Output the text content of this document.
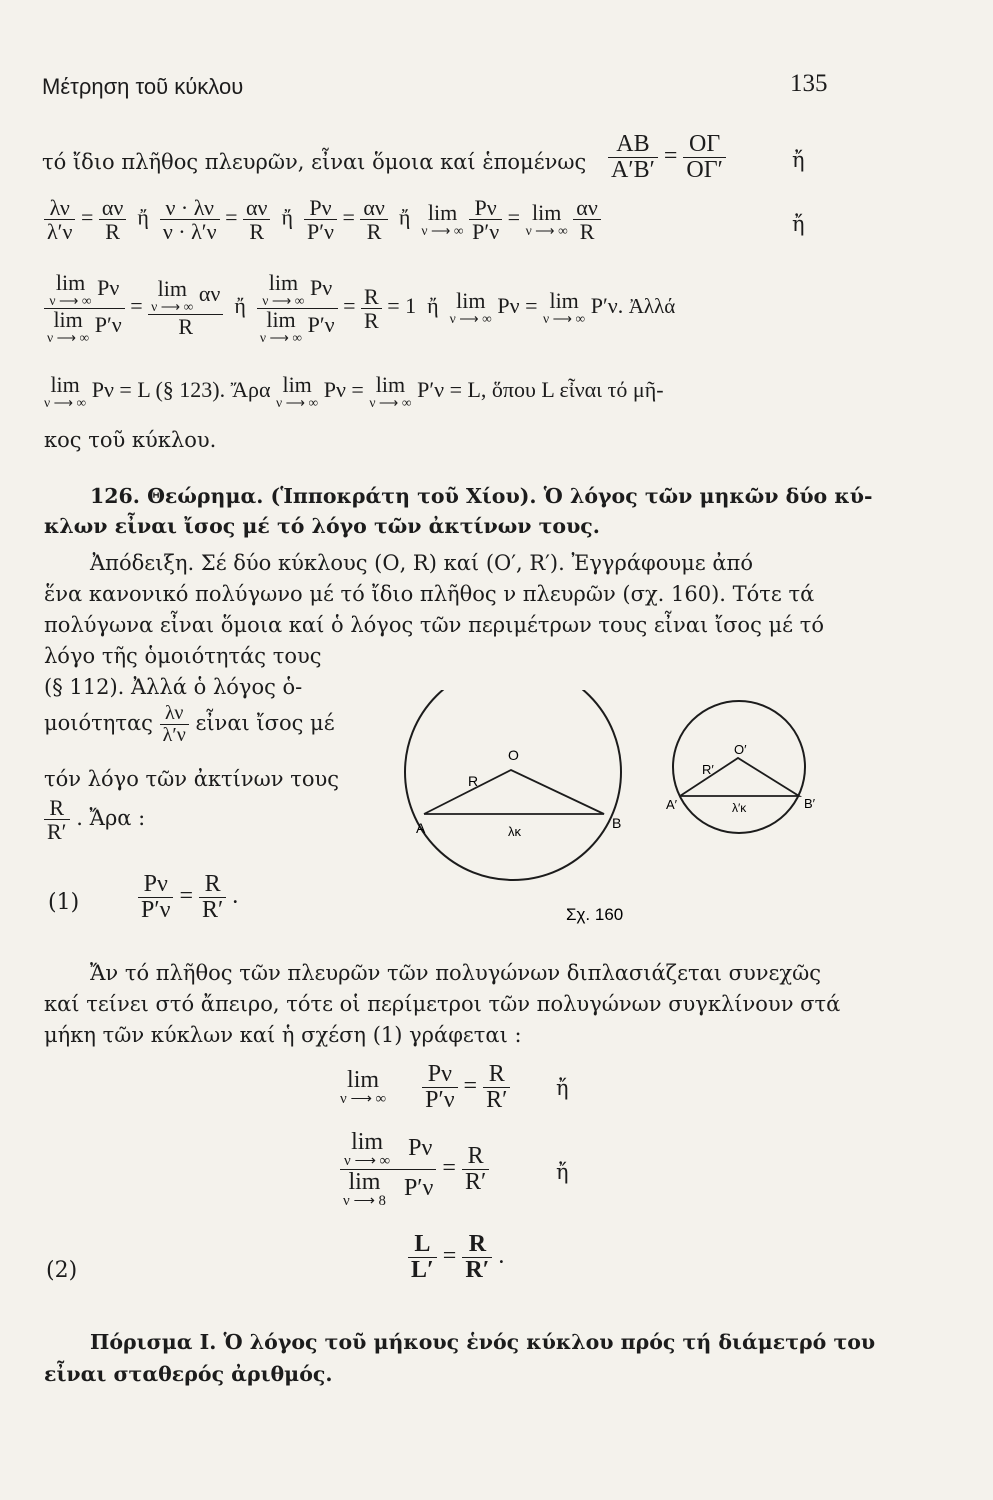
Μέτρηση τοῦ κύκλου	135
τό ἴδιο πλῆθος πλευρῶν, εἶναι ὅμοια καί ἑπομένως $\frac{AB}{A'B'} = \frac{O\Gamma}{O\Gamma'}$	ἤ
$\frac{\lambda\nu}{\lambda'\nu} = \frac{\alpha\nu}{R}$ ἤ $\frac{\nu \cdot \lambda\nu}{\nu \cdot \lambda'\nu} = \frac{\alpha\nu}{R}$ ἤ $\frac{P\nu}{P'\nu} = \frac{\alpha\nu}{R}$ ἤ lim
ν ⟶ ∞
$\frac{P\nu}{P'\nu} = \lim$
ν ⟶ ∞
$\frac{\alpha\nu}{R}$	ἤ
lim
ν ⟶ ∞
Pν
lim
ν ⟶ ∞
P′ν = lim
ν ⟶ ∞
αν
R ἤ lim
ν ⟶ ∞
Pν
lim
ν ⟶ ∞
$P'\nu = \frac{R}{R} = 1$ ἤ lim
ν ⟶ ∞
Pν = lim
ν ⟶ ∞
P′ν. Ἀλλά
lim
ν ⟶ ∞
Pν = L (§ 123). Ἄρα lim
ν ⟶ ∞
Pν = lim
ν ⟶ ∞
P′ν = L, ὅπου L εἶναι τό μῆ-
κος τοῦ κύκλου.
126. Θεώρημα. (Ἱπποκράτη τοῦ Χίου). Ὁ λόγος τῶν μηκῶν δύο κύ-
κλων εἶναι ἴσος μέ τό λόγο τῶν ἀκτίνων τους.
Ἀπόδειξη. Σέ δύο κύκλους (Ο, R) καί (Ο′, R′). Ἐγγράφουμε ἀπό
ἕνα κανονικό πολύγωνο μέ τό ἴδιο πλῆθος ν πλευρῶν (σχ. 160). Τότε τά
πολύγωνα εἶναι ὅμοια καί ὁ λόγος τῶν περιμέτρων τους εἶναι ἴσος μέ τό
λόγο τῆς ὁμοιότητάς τους
(§ 112). Ἀλλά ὁ λόγος ὁ-
μοιότητας $\frac{\lambda\nu}{\lambda'\nu}$ εἶναι ἴσος μέ
τόν λόγο τῶν ἀκτίνων τους
$\frac{R}{R'}$ . Ἄρα :
$(1) \frac{P\nu}{P'\nu} = \frac{R}{R'}$ .
O
R
A	B
λκ
O′
R′
A′	B′
λ′κ
Σχ. 160
Ἄν τό πλῆθος τῶν πλευρῶν τῶν πολυγώνων διπλασιάζεται συνεχῶς
καί τείνει στό ἄπειρο, τότε οἱ περίμετροι τῶν πολυγώνων συγκλίνουν στά
μήκη τῶν κύκλων καί ἡ σχέση (1) γράφεται :
lim
ν ⟶ ∞
$\frac{P\nu}{P'\nu} = \frac{R}{R'}$ ἤ
lim
ν ⟶ ∞
Pν
lim
ν ⟶ 8
$P'\nu = \frac{R}{R'}$	ἤ
(2)	$\frac{L}{L'} = \frac{R}{R'}$ .
Πόρισμα Ι. Ὁ λόγος τοῦ μήκους ἑνός κύκλου πρός τή διάμετρό του
εἶναι σταθερός ἀριθμός.
